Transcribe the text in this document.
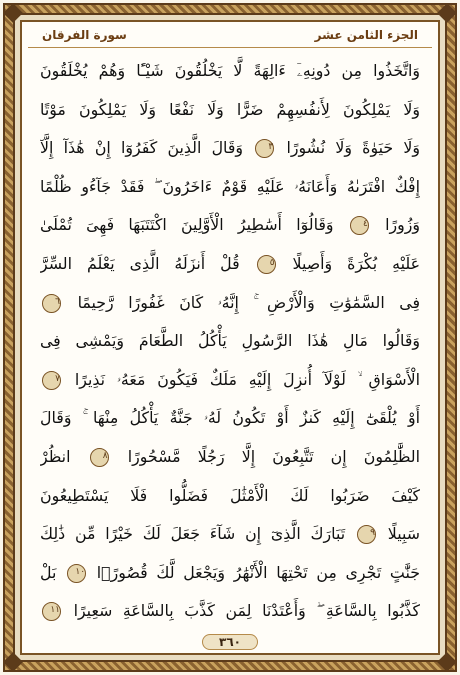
الجزء الثامن عشر
سورة الفرقان
وَاتَّخَذُوا مِن دُونِهِۦٓ ءَالِهَةً لَّا يَخْلُقُونَ شَيْـًٔا وَهُمْ يُخْلَقُونَ
وَلَا يَمْلِكُونَ لِأَنفُسِهِمْ ضَرًّا وَلَا نَفْعًا وَلَا يَمْلِكُونَ مَوْتًا
وَلَا حَيَوٰةً وَلَا نُشُورًا ٣ وَقَالَ الَّذِينَ كَفَرُوٓا إِنْ هَٰذَآ إِلَّآ
إِفْكٌ افْتَرَىٰهُ وَأَعَانَهُۥ عَلَيْهِ قَوْمٌ ءَاخَرُونَ ۖ فَقَدْ جَآءُو ظُلْمًا
وَزُورًا ٤ وَقَالُوٓا أَسَٰطِيرُ الْأَوَّلِينَ اكْتَتَبَهَا فَهِىَ تُمْلَىٰ
عَلَيْهِ بُكْرَةً وَأَصِيلًا ٥ قُلْ أَنزَلَهُ الَّذِى يَعْلَمُ السِّرَّ
فِى السَّمَٰوَٰتِ وَالْأَرْضِ ۚ إِنَّهُۥ كَانَ غَفُورًا رَّحِيمًا ٦
وَقَالُوا مَالِ هَٰذَا الرَّسُولِ يَأْكُلُ الطَّعَامَ وَيَمْشِى فِى
الْأَسْوَاقِ ۙ لَوْلَآ أُنزِلَ إِلَيْهِ مَلَكٌ فَيَكُونَ مَعَهُۥ نَذِيرًا ٧
أَوْ يُلْقَىٰٓ إِلَيْهِ كَنزٌ أَوْ تَكُونُ لَهُۥ جَنَّةٌ يَأْكُلُ مِنْهَا ۚ وَقَالَ
الظَّٰلِمُونَ إِن تَتَّبِعُونَ إِلَّا رَجُلًا مَّسْحُورًا ٨ انظُرْ
كَيْفَ ضَرَبُوا لَكَ الْأَمْثَٰلَ فَضَلُّوا فَلَا يَسْتَطِيعُونَ
سَبِيلًا ٩ تَبَارَكَ الَّذِىٓ إِن شَآءَ جَعَلَ لَكَ خَيْرًا مِّن ذَٰلِكَ
جَنَّٰتٍ تَجْرِى مِن تَحْتِهَا الْأَنْهَٰرُ وَيَجْعَل لَّكَ قُصُورًۢا ١٠ بَلْ
كَذَّبُوا بِالسَّاعَةِ ۖ وَأَعْتَدْنَا لِمَن كَذَّبَ بِالسَّاعَةِ سَعِيرًا ١١
٣٦٠
